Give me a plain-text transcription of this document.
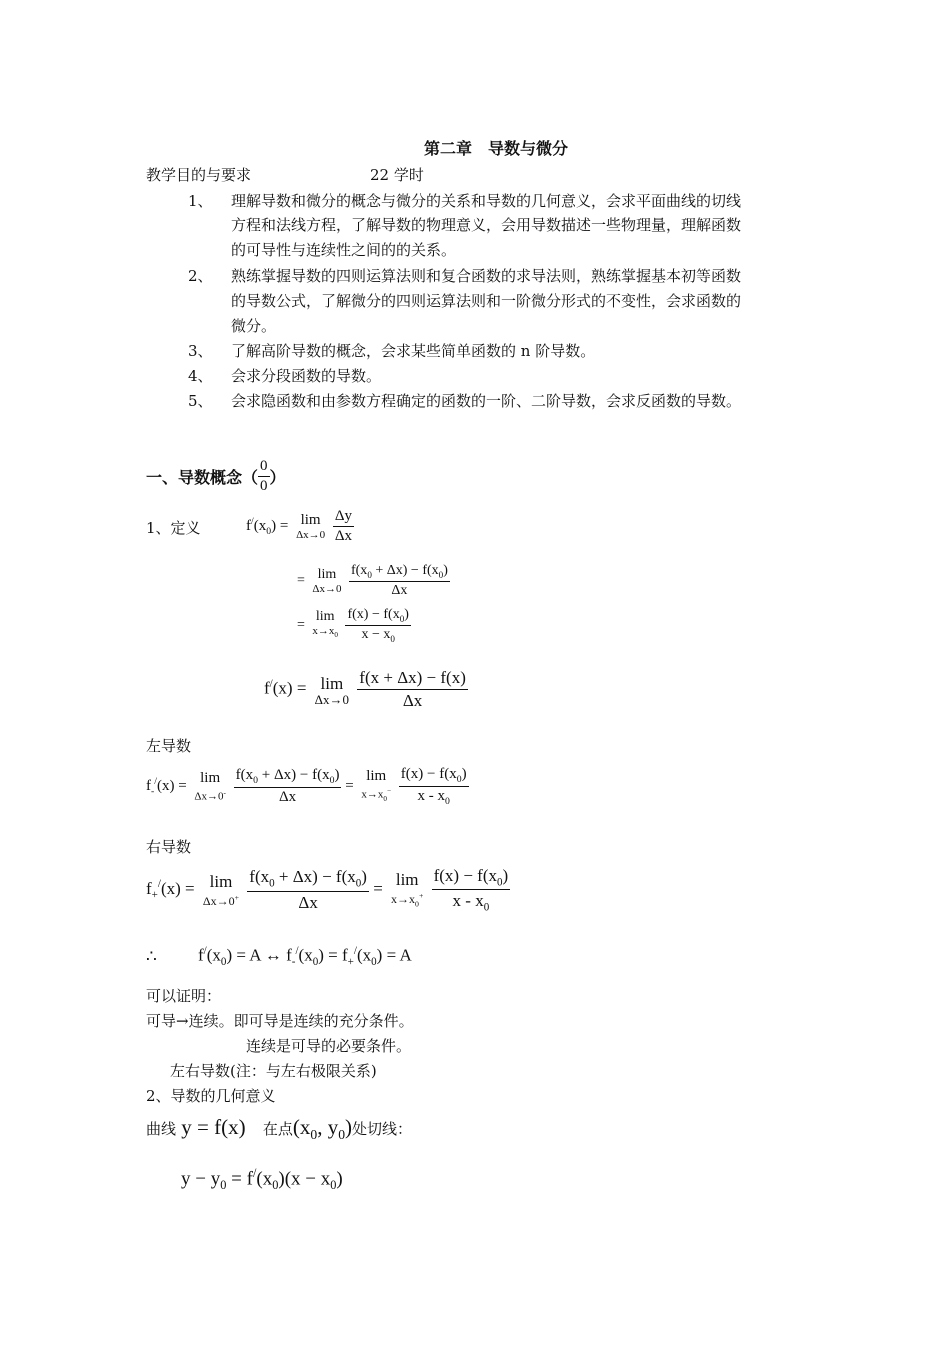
第二章　导数与微分
教学目的与要求	22 学时
1、 理解导数和微分的概念与微分的关系和导数的几何意义，会求平面曲线的切线
方程和法线方程，了解导数的物理意义，会用导数描述一些物理量，理解函数
的可导性与连续性之间的的关系。
2、 熟练掌握导数的四则运算法则和复合函数的求导法则，熟练掌握基本初等函数
的导数公式，了解微分的四则运算法则和一阶微分形式的不变性，会求函数的
微分。
3、 了解高阶导数的概念，会求某些简单函数的 n 阶导数。
4、 会求分段函数的导数。
5、 会求隐函数和由参数方程确定的函数的一阶、二阶导数，会求反函数的导数。
一、导数概念（ $\frac{0}{0}$ ）
1、定义	$f^/(x_0) = \lim$
Δx→0
$\frac{\Delta y}{\Delta x}$
= lim
Δx→0
$\frac{f(x_0 + \Delta x) - f(x_0)}{\Delta x}$
=
lim
$x\to x_0$
$\frac{f(x) - f(x_0)}{x - x_0}$
f/(x) = lim
Δx→0
$\frac{f(x + \Delta x) - f(x)}{\Delta x}$
左导数
$f_-^/(x) = \lim$
Δx→0-
$\frac{f(x_0 + \Delta x) - f(x_0)}{\Delta x}$ =
lim
$x\to x_0^-$
$\frac{f(x) - f(x_0)}{x - x_0}$
右导数
$f_+^/(x) = \lim$
Δx→0+
$\frac{f(x_0 + \Delta x) - f(x_0)}{\Delta x} = \lim$
$x\to x_0^+$
$\frac{f(x) - f(x_0)}{x - x_0}$
∴ $f^/(x_0) = A$ ↔ $f_-^/(x_0) = f_+^/(x_0) = A$
可以证明：
可导→连续。即可导是连续的充分条件。
连续是可导的必要条件。
左右导数(注：与左右极限关系)
2、导数的几何意义
曲线 y = f(x) 在点($x_0$, $y_0$)处切线：
$y - y_0 = f^/(x_0)(x - x_0)$
